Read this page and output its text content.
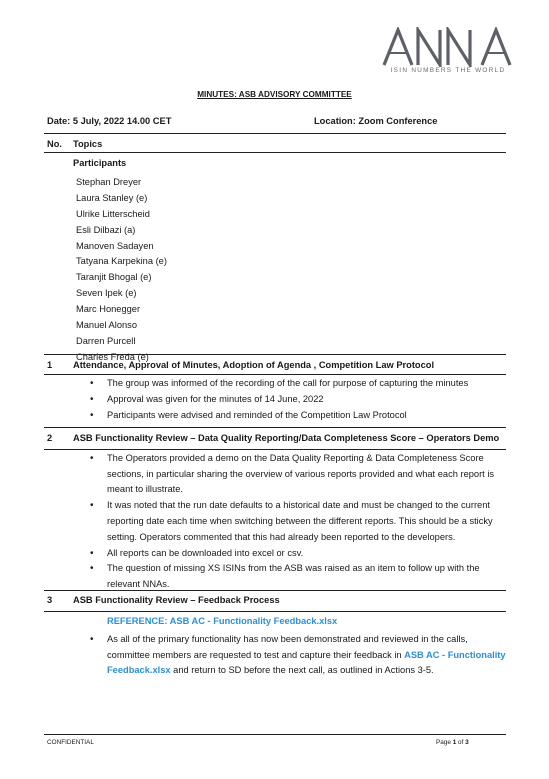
ISIN NUMBERS THE WORLD
MINUTES: ASB ADVISORY COMMITTEE
Date: 5 July, 2022 14.00 CET	Location: Zoom Conference
No. Topics
Participants
Stephan Dreyer
Laura Stanley (e)
Ulrike Litterscheid
Esli Dilbazi (a)
Manoven Sadayen
Tatyana Karpekina (e)
Taranjit Bhogal (e)
Seven Ipek (e)
Marc Honegger
Manuel Alonso
Darren Purcell
Charles Freda (e)
1 Attendance, Approval of Minutes, Adoption of Agenda , Competition Law Protocol
• The group was informed of the recording of the call for purpose of capturing the minutes
• Approval was given for the minutes of 14 June, 2022
• Participants were advised and reminded of the Competition Law Protocol
2 ASB Functionality Review – Data Quality Reporting/Data Completeness Score – Operators Demo
• The Operators provided a demo on the Data Quality Reporting & Data Completeness Score sections, in particular sharing the overview of various reports provided and what each report is meant to illustrate.
• It was noted that the run date defaults to a historical date and must be changed to the current reporting date each time when switching between the different reports. This should be a sticky setting. Operators commented that this had already been reported to the developers.
• All reports can be downloaded into excel or csv.
• The question of missing XS ISINs from the ASB was raised as an item to follow up with the relevant NNAs.
3 ASB Functionality Review – Feedback Process
REFERENCE: ASB AC - Functionality Feedback.xlsx
• As all of the primary functionality has now been demonstrated and reviewed in the calls, committee members are requested to test and capture their feedback in ASB AC - Functionality Feedback.xlsx and return to SD before the next call, as outlined in Actions 3-5.
CONFIDENTIAL	Page 1 of 3
